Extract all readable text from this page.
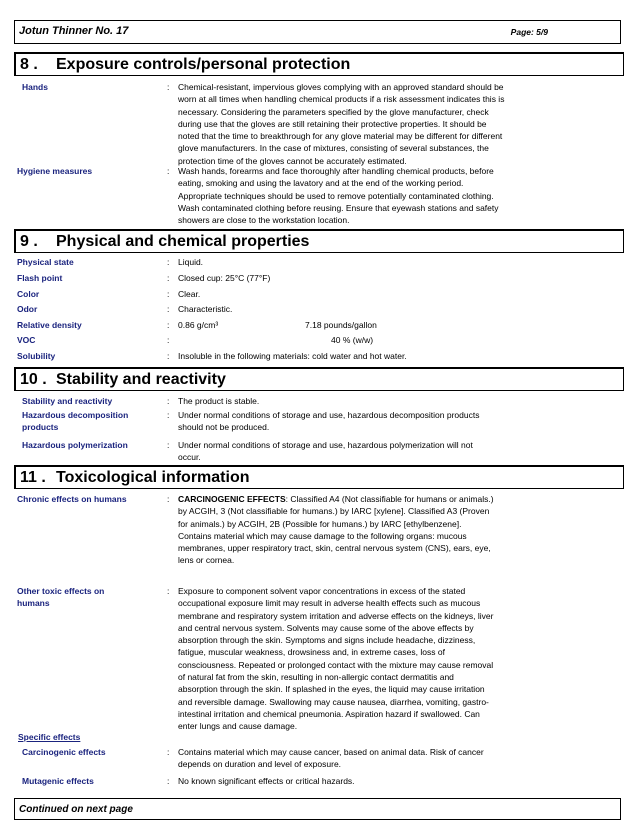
Jotun Thinner No. 17	Page: 5/9
8 . Exposure controls/personal protection
Hands	: Chemical-resistant, impervious gloves complying with an approved standard should be
worn at all times when handling chemical products if a risk assessment indicates this is
necessary. Considering the parameters specified by the glove manufacturer, check
during use that the gloves are still retaining their protective properties. It should be
noted that the time to breakthrough for any glove material may be different for different
glove manufacturers. In the case of mixtures, consisting of several substances, the
protection time of the gloves cannot be accurately estimated.
Hygiene measures	: Wash hands, forearms and face thoroughly after handling chemical products, before
eating, smoking and using the lavatory and at the end of the working period.
Appropriate techniques should be used to remove potentially contaminated clothing.
Wash contaminated clothing before reusing. Ensure that eyewash stations and safety
showers are close to the workstation location.
9 . Physical and chemical properties
Physical state	: Liquid.
Flash point	: Closed cup: 25°C (77°F)
Color	: Clear.
Odor	: Characteristic.
Relative density	: 0.86 g/cm³	7.18 pounds/gallon
VOC	:	40 % (w/w)
Solubility	: Insoluble in the following materials: cold water and hot water.
10 . Stability and reactivity
Stability and reactivity	: The product is stable.
Hazardous decomposition
products
: Under normal conditions of storage and use, hazardous decomposition products
should not be produced.
Hazardous polymerization	: Under normal conditions of storage and use, hazardous polymerization will not
occur.
11 . Toxicological information
Chronic effects on humans	: CARCINOGENIC EFFECTS: Classified A4 (Not classifiable for humans or animals.)
by ACGIH, 3 (Not classifiable for humans.) by IARC [xylene]. Classified A3 (Proven
for animals.) by ACGIH, 2B (Possible for humans.) by IARC [ethylbenzene].
Contains material which may cause damage to the following organs: mucous
membranes, upper respiratory tract, skin, central nervous system (CNS), ears, eye,
lens or cornea.
Other toxic effects on
humans
: Exposure to component solvent vapor concentrations in excess of the stated
occupational exposure limit may result in adverse health effects such as mucous
membrane and respiratory system irritation and adverse effects on the kidneys, liver
and central nervous system. Solvents may cause some of the above effects by
absorption through the skin. Symptoms and signs include headache, dizziness,
fatigue, muscular weakness, drowsiness and, in extreme cases, loss of
consciousness. Repeated or prolonged contact with the mixture may cause removal
of natural fat from the skin, resulting in non-allergic contact dermatitis and
absorption through the skin. If splashed in the eyes, the liquid may cause irritation
and reversible damage. Swallowing may cause nausea, diarrhea, vomiting, gastro-
intestinal irritation and chemical pneumonia. Aspiration hazard if swallowed. Can
enter lungs and cause damage.
Specific effects
Carcinogenic effects	: Contains material which may cause cancer, based on animal data. Risk of cancer
depends on duration and level of exposure.
Mutagenic effects	: No known significant effects or critical hazards.
Continued on next page
